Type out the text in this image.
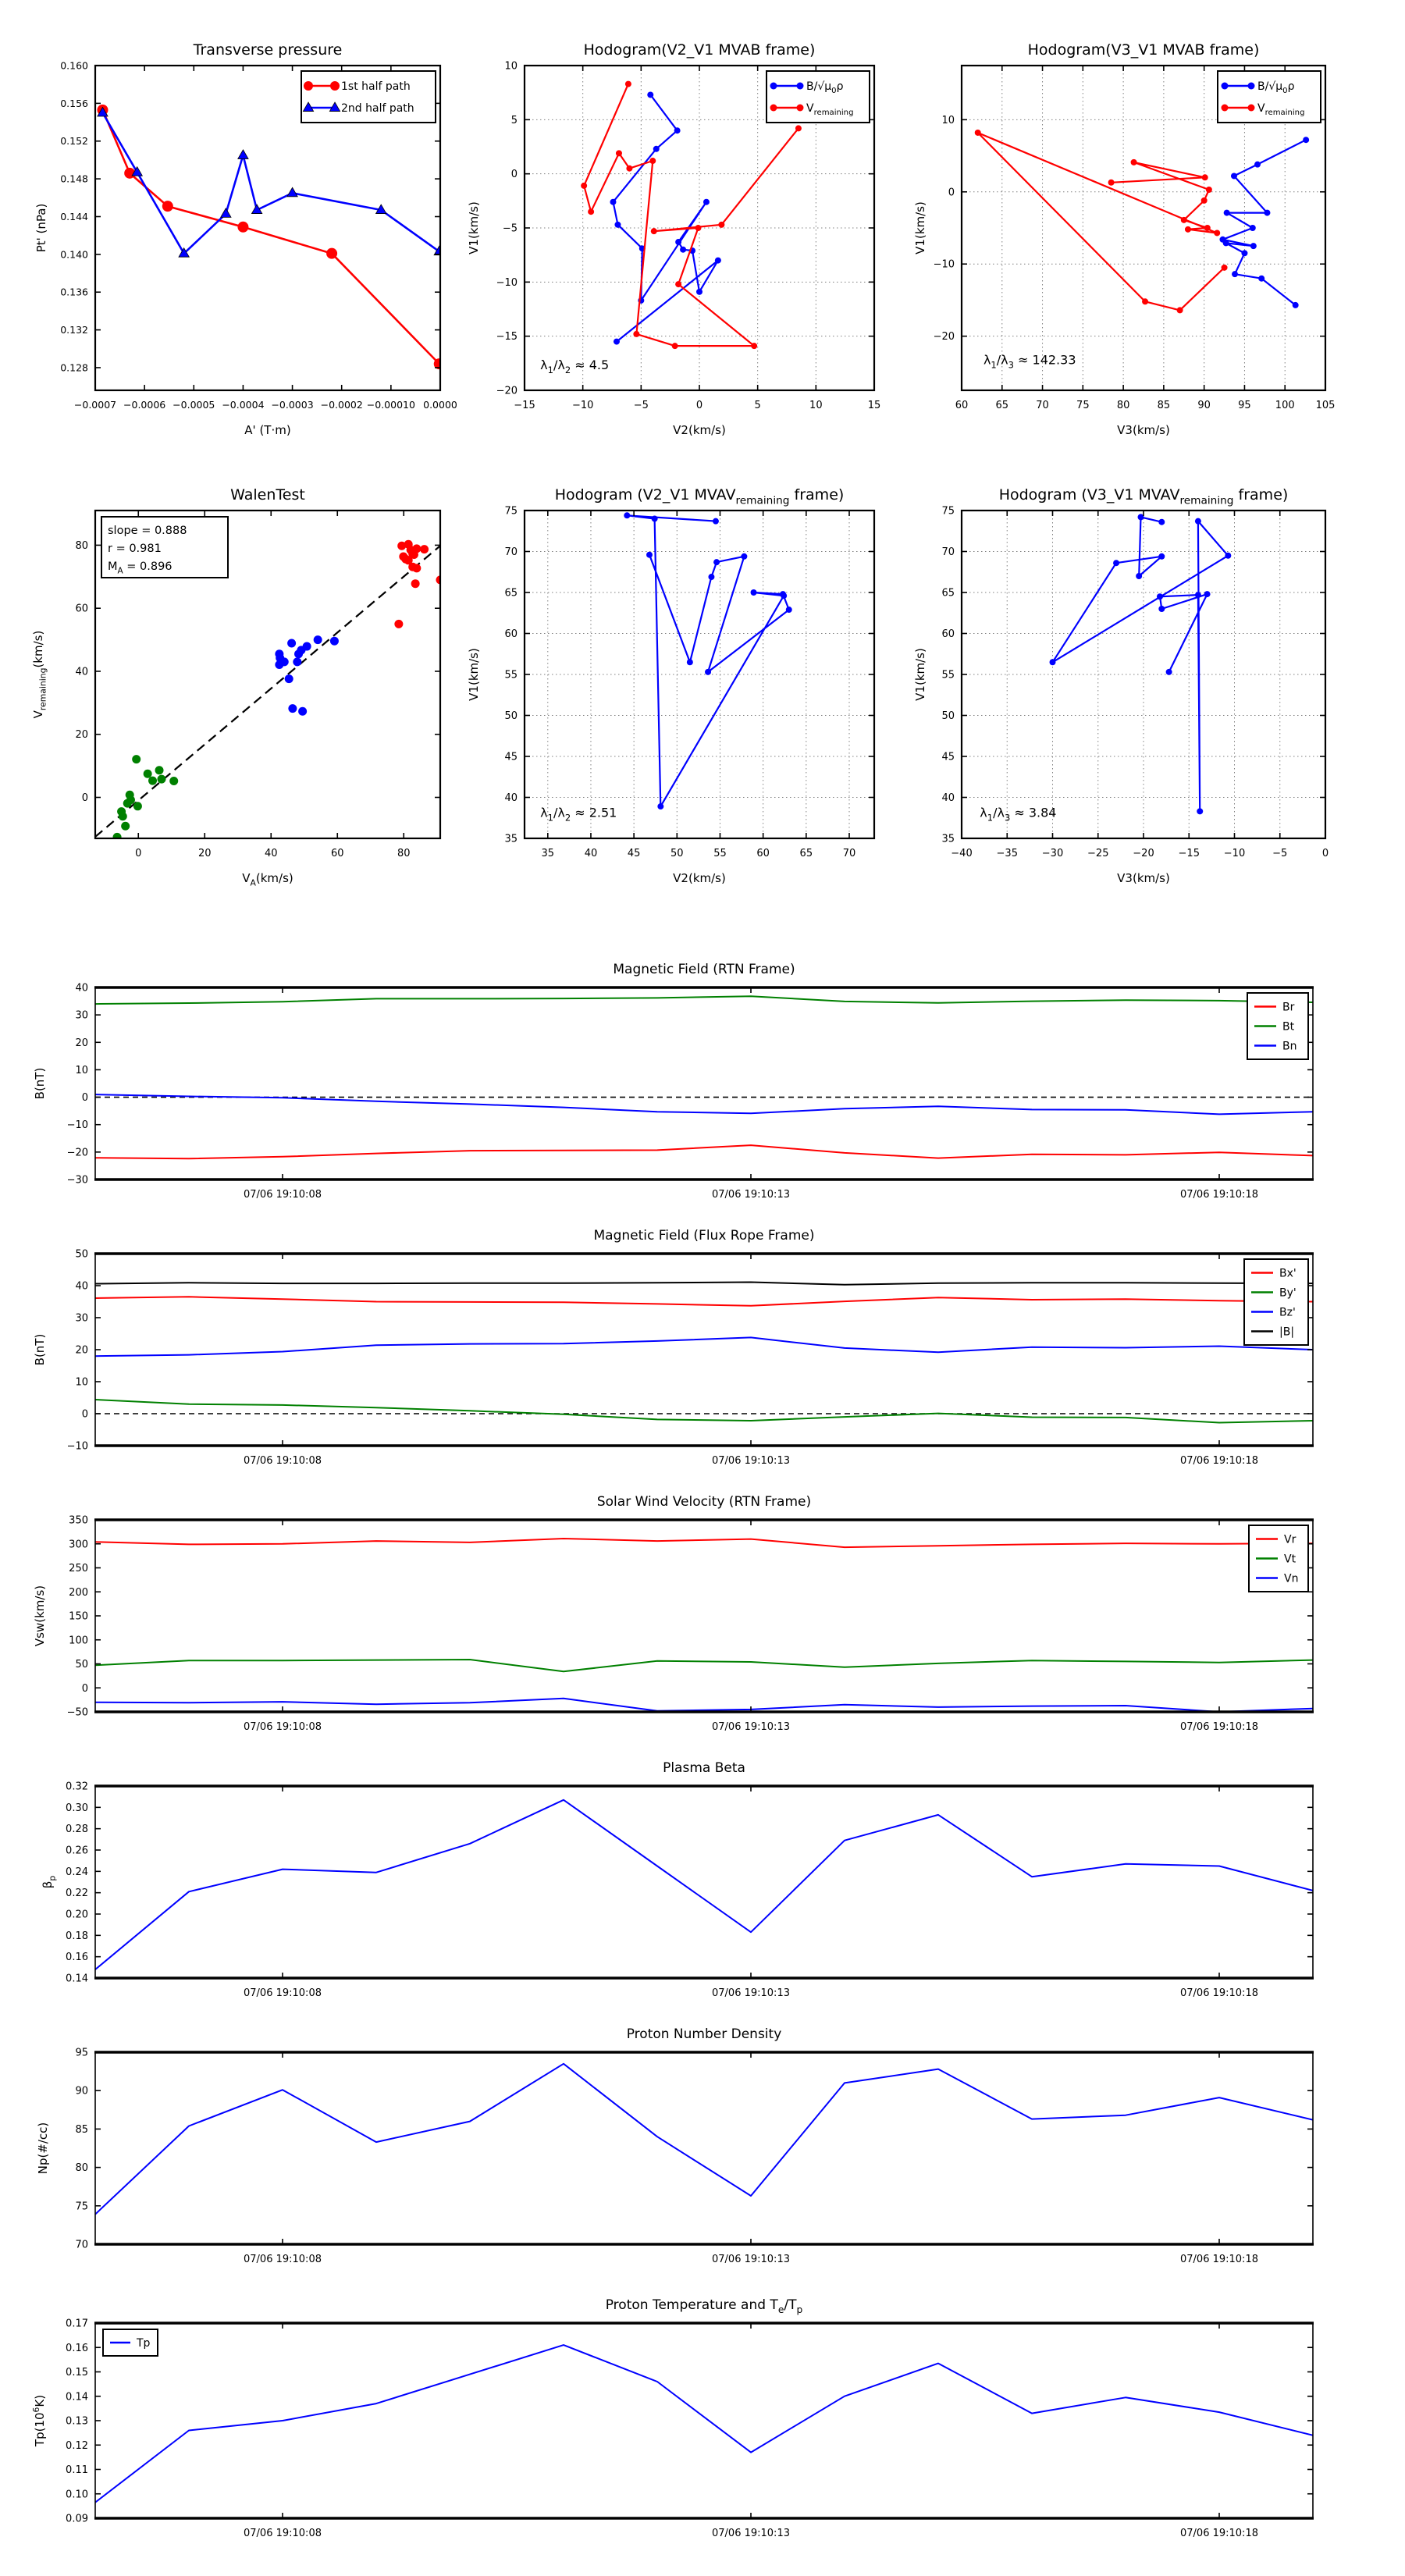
−0.0007 −0.0006 −0.0005 −0.0004 −0.0003 −0.0002 −0.00010 0.0000
0.128
0.132
0.136
0.140
0.144
0.148
0.152
0.156
0.160
Transverse pressure
A' (T·m)
Pt' (nPa)
1st half path
2nd half path
−15	−10	−5	0	5	10	15
−20
−15
−10
−5
0
5
10
Hodogram(V2_V1 MVAB frame)
V2(km/s)
V1(km/s)
$\lambda_1/\lambda_2 \approx 4.5$
$B/√\mu_0\rho$
$V_{remaining}$
60	65	70	75	80	85	90	95 100 105
−20
−10
0
10
Hodogram(V3_V1 MVAB frame)
V3(km/s)
V1(km/s)
$\lambda_1/\lambda_3 \approx 142.33$
$B/√\mu_0\rho$
$V_{remaining}$
0	20	40	60	80
0
20
40
60
80
WalenTest
$V_A(km/s)$
$V_{remaining}(km/s)$
slope = 0.888
r = 0.981
$M_A = 0.896$
35	40	45	50	55	60	65	70
35
40
45
50
55
60
65
70
75
Hodogram (V2_V1 $MVAV_{remaining}$ frame)
V2(km/s)
V1(km/s)
$\lambda_1/\lambda_2 \approx 2.51$
−40 −35 −30 −25 −20 −15 −10	−5	0
35
40
45
50
55
60
65
70
75
Hodogram (V3_V1 $MVAV_{remaining}$ frame)
V3(km/s)
V1(km/s)
$\lambda_1/\lambda_3 \approx 3.84$
07/06 19:10:08	07/06 19:10:13	07/06 19:10:18
−30
−20
−10
0
10
20
30
40
Magnetic Field (RTN Frame)
B(nT)
Br
Bt
Bn
07/06 19:10:08	07/06 19:10:13	07/06 19:10:18
−10
0
10
20
30
40
50
Magnetic Field (Flux Rope Frame)
B(nT)
Bx'
By'
Bz'
|B|
07/06 19:10:08	07/06 19:10:13	07/06 19:10:18
−50
0
50
100
150
200
250
300
350
Solar Wind Velocity (RTN Frame)
Vsw(km/s)
Vr
Vt
Vn
07/06 19:10:08	07/06 19:10:13	07/06 19:10:18
0.14
0.16
0.18
0.20
0.22
0.24
0.26
0.28
0.30
0.32
Plasma Beta
$\beta_p$
07/06 19:10:08	07/06 19:10:13	07/06 19:10:18
70
75
80
85
90
95
Proton Number Density
Np(#/cc)
07/06 19:10:08	07/06 19:10:13	07/06 19:10:18
0.09
0.10
0.11
0.12
0.13
0.14
0.15
0.16
0.17
Proton Temperature and $T_e/T_p$
$Tp(10^6K)$
Tp
